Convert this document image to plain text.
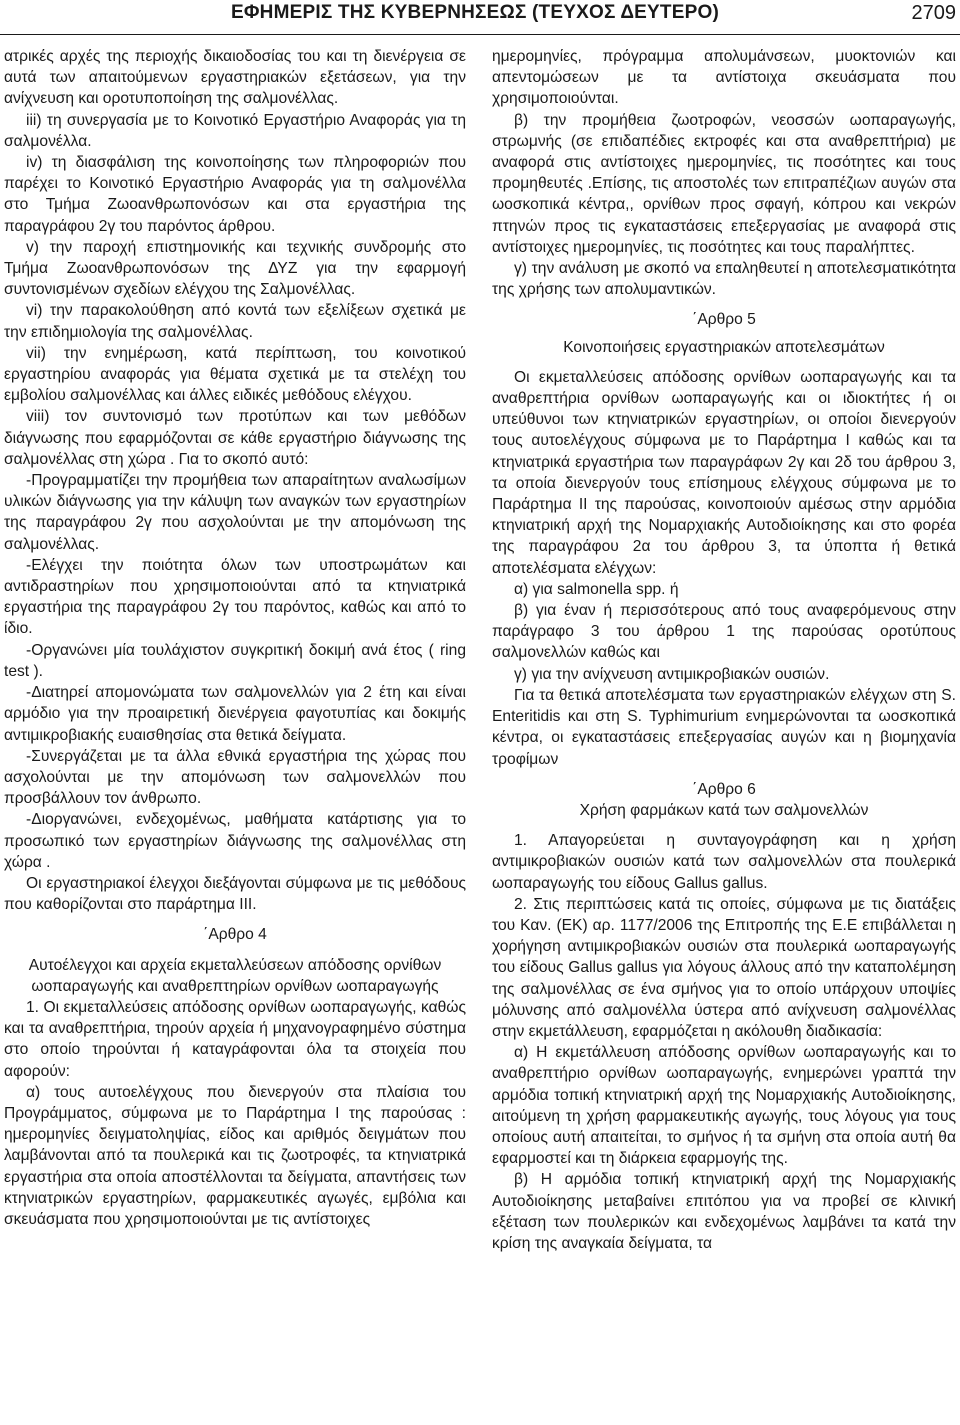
ΕΦΗΜΕΡΙΣ ΤΗΣ ΚΥΒΕΡΝΗΣΕΩΣ (ΤΕΥΧΟΣ ΔΕΥΤΕΡΟ)	2709

ατρικές αρχές της περιοχής δικαιοδοσίας του και τη διενέργεια σε αυτά των απαιτούμενων εργαστηριακών εξετάσεων, για την ανίχνευση και οροτυποποίηση της σαλμονέλλας.

iii) τη συνεργασία με το Κοινοτικό Εργαστήριο Αναφοράς για τη σαλμονέλλα.

iv) τη διασφάλιση της κοινοποίησης των πληροφοριών που παρέχει το Κοινοτικό Εργαστήριο Αναφοράς για τη σαλμονέλλα στο Τμήμα Ζωοανθρωπονόσων και στα εργαστήρια της παραγράφου 2γ του παρόντος άρθρου.

v) την παροχή επιστημονικής και τεχνικής συνδρομής στο Τμήμα Ζωοανθρωπονόσων της ΔΥΖ για την εφαρμογή συντονισμένων σχεδίων ελέγχου της Σαλμονέλλας.

vi) την παρακολούθηση από κοντά των εξελίξεων σχετικά με την επιδημιολογία της σαλμονέλλας.

vii) την ενημέρωση, κατά περίπτωση, του κοινοτικού εργαστηρίου αναφοράς για θέματα σχετικά με τα στελέχη του εμβολίου σαλμονέλλας και άλλες ειδικές μεθόδους ελέγχου.

viii) τον συντονισμό των προτύπων και των μεθόδων διάγνωσης που εφαρμόζονται σε κάθε εργαστήριο διάγνωσης της σαλμονέλλας στη χώρα . Για το σκοπό αυτό:

-Προγραμματίζει την προμήθεια των απαραίτητων αναλωσίμων υλικών διάγνωσης για την κάλυψη των αναγκών των εργαστηρίων της παραγράφου 2γ που ασχολούνται με την απομόνωση της σαλμονέλλας.

-Ελέγχει την ποιότητα όλων των υποστρωμάτων και αντιδραστηρίων που χρησιμοποιούνται από τα κτηνιατρικά εργαστήρια της παραγράφου 2γ του παρόντος, καθώς και από το ίδιο.

-Οργανώνει μία τουλάχιστον συγκριτική δοκιμή ανά έτος ( ring test ).

-Διατηρεί απομονώματα των σαλμονελλών για 2 έτη και είναι αρμόδιο για την προαιρετική διενέργεια φαγοτυπίας και δοκιμής αντιμικροβιακής ευαισθησίας στα θετικά δείγματα.

-Συνεργάζεται με τα άλλα εθνικά εργαστήρια της χώρας που ασχολούνται με την απομόνωση των σαλμονελλών που προσβάλλουν τον άνθρωπο.

-Διοργανώνει, ενδεχομένως, μαθήματα κατάρτισης για το προσωπικό των εργαστηρίων διάγνωσης της σαλμονέλλας στη χώρα .

Οι εργαστηριακοί έλεγχοι διεξάγονται σύμφωνα με τις μεθόδους που καθορίζονται στο παράρτημα ΙΙΙ.

΄Αρθρο 4
Αυτοέλεγχοι και αρχεία εκμεταλλεύσεων απόδοσης ορνίθων ωοπαραγωγής και αναθρεπτηρίων ορνίθων ωοπαραγωγής

1. Οι εκμεταλλεύσεις απόδοσης ορνίθων ωοπαραγωγής, καθώς και τα αναθρεπτήρια, τηρούν αρχεία ή μηχανογραφημένο σύστημα στο οποίο τηρούνται ή καταγράφονται όλα τα στοιχεία που αφορούν:

α) τους αυτοελέγχους που διενεργούν στα πλαίσια του Προγράμματος, σύμφωνα με το Παράρτημα Ι της παρούσας : ημερομηνίες δειγματοληψίας, είδος και αριθμός δειγμάτων που λαμβάνονται από τα πουλερικά και τις ζωοτροφές, τα κτηνιατρικά εργαστήρια στα οποία αποστέλλονται τα δείγματα, απαντήσεις των κτηνιατρικών εργαστηρίων, φαρμακευτικές αγωγές, εμβόλια και σκευάσματα που χρησιμοποιούνται με τις αντίστοιχες

ημερομηνίες, πρόγραμμα απολυμάνσεων, μυοκτονιών και απεντομώσεων με τα αντίστοιχα σκευάσματα που χρησιμοποιούνται.

β) την προμήθεια ζωοτροφών, νεοσσών ωοπαραγωγής, στρωμνής (σε επιδαπέδιες εκτροφές και στα αναθρεπτήρια) με αναφορά στις αντίστοιχες ημερομηνίες, τις ποσότητες και τους προμηθευτές .Επίσης, τις αποστολές των επιτραπέζιων αυγών στα ωοσκοπικά κέντρα,, ορνίθων προς σφαγή, κόπρου και νεκρών πτηνών προς τις εγκαταστάσεις επεξεργασίας με αναφορά στις αντίστοιχες ημερομηνίες, τις ποσότητες και τους παραλήπτες.

γ) την ανάλυση με σκοπό να επαληθευτεί η αποτελεσματικότητα της χρήσης των απολυμαντικών.

΄Αρθρο 5
Κοινοποιήσεις εργαστηριακών αποτελεσμάτων

Οι εκμεταλλεύσεις απόδοσης ορνίθων ωοπαραγωγής και τα αναθρεπτήρια ορνίθων ωοπαραγωγής και οι ιδιοκτήτες ή οι υπεύθυνοι των κτηνιατρικών εργαστηρίων, οι οποίοι διενεργούν τους αυτοελέγχους σύμφωνα με το Παράρτημα Ι καθώς και τα κτηνιατρικά εργαστήρια των παραγράφων 2γ και 2δ του άρθρου 3, τα οποία διενεργούν τους επίσημους ελέγχους σύμφωνα με το Παράρτημα ΙΙ της παρούσας, κοινοποιούν αμέσως στην αρμόδια κτηνιατρική αρχή της Νομαρχιακής Αυτοδιοίκησης και στο φορέα της παραγράφου 2α του άρθρου 3, τα ύποπτα ή θετικά αποτελέσματα ελέγχων:

α) για salmonella spp. ή

β) για έναν ή περισσότερους από τους αναφερόμενους στην παράγραφο 3 του άρθρου 1 της παρούσας οροτύπους σαλμονελλών καθώς και

γ) για την ανίχνευση αντιμικροβιακών ουσιών.

Για τα θετικά αποτελέσματα των εργαστηριακών ελέγχων στη S. Enteritidis και στη S. Typhimurium ενημερώνονται τα ωοσκοπικά κέντρα, οι εγκαταστάσεις επεξεργασίας αυγών και η βιομηχανία τροφίμων

΄Αρθρο 6
Χρήση φαρμάκων κατά των σαλμονελλών

1. Απαγορεύεται η συνταγογράφηση και η χρήση αντιμικροβιακών ουσιών κατά των σαλμονελλών στα πουλερικά ωοπαραγωγής του είδους Gallus gallus.

2. Στις περιπτώσεις κατά τις οποίες, σύμφωνα με τις διατάξεις του Καν. (ΕΚ) αρ. 1177/2006 της Επιτροπής της Ε.Ε επιβάλλεται η χορήγηση αντιμικροβιακών ουσιών στα πουλερικά ωοπαραγωγής του είδους Gallus gallus για λόγους άλλους από την καταπολέμηση της σαλμονέλλας σε ένα σμήνος για το οποίο υπάρχουν υποψίες μόλυνσης από σαλμονέλλα ύστερα από ανίχνευση σαλμονέλλας στην εκμετάλλευση, εφαρμόζεται η ακόλουθη διαδικασία:

α) Η εκμετάλλευση απόδοσης ορνίθων ωοπαραγωγής και το αναθρεπτήριο ορνίθων ωοπαραγωγής, ενημερώνει γραπτά την αρμόδια τοπική κτηνιατρική αρχή της Νομαρχιακής Αυτοδιοίκησης, αιτούμενη τη χρήση φαρμακευτικής αγωγής, τους λόγους για τους οποίους αυτή απαιτείται, το σμήνος ή τα σμήνη στα οποία αυτή θα εφαρμοστεί και τη διάρκεια εφαρμογής της.

β) Η αρμόδια τοπική κτηνιατρική αρχή της Νομαρχιακής Αυτοδιοίκησης μεταβαίνει επιτόπου για να προβεί σε κλινική εξέταση των πουλερικών και ενδεχομένως λαμβάνει τα κατά την κρίση της αναγκαία δείγματα, τα
